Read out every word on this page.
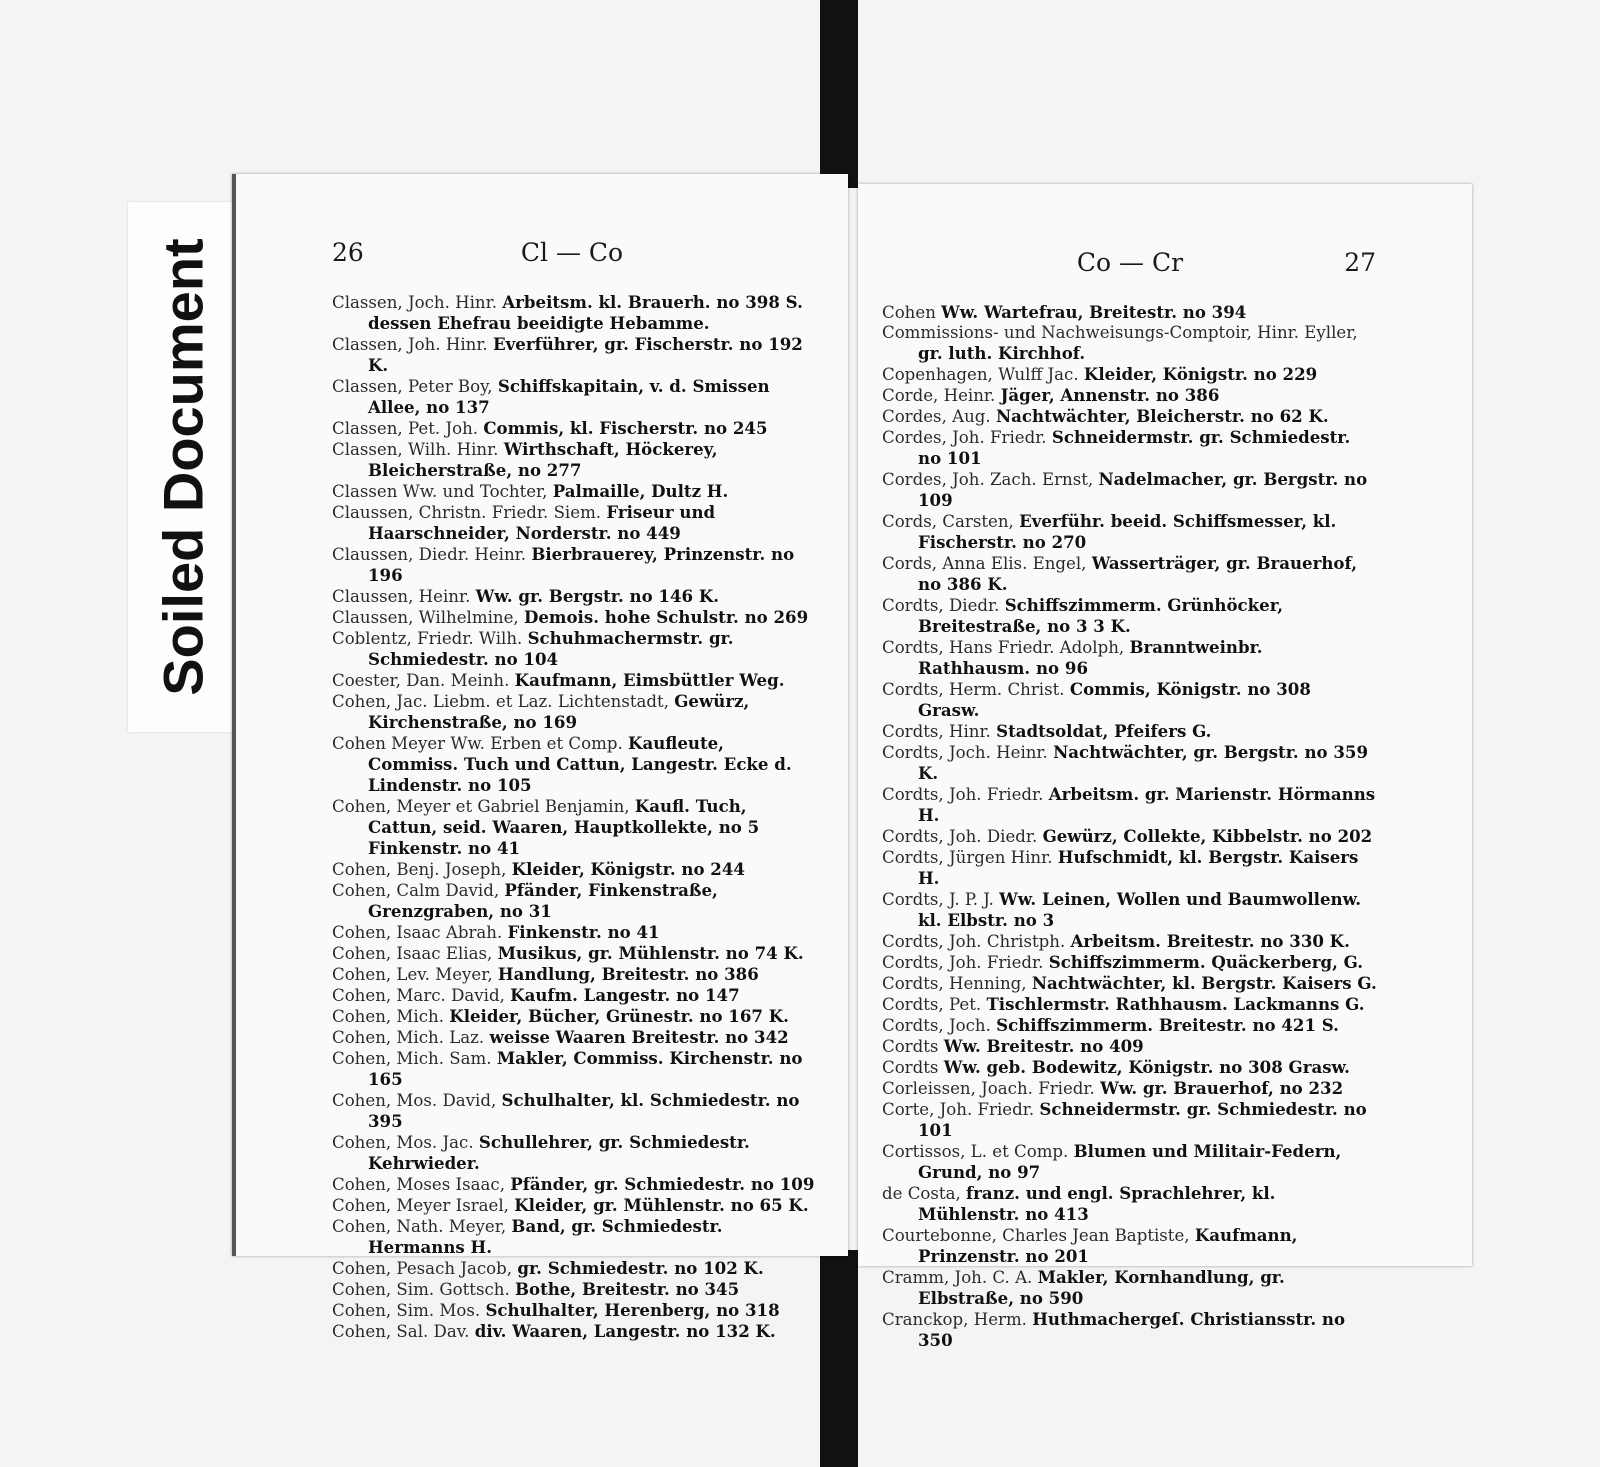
Soiled Document	26	Cl — Co
Classen, Joch. Hinr. Arbeitsm. kl. Brauerh. no 398 S. dessen Ehefrau beeidigte Hebamme.
Classen, Joh. Hinr. Everführer, gr. Fischerstr. no 192 K.
Classen, Peter Boy, Schiffskapitain, v. d. Smissen Allee, no 137
Classen, Pet. Joh. Commis, kl. Fischerstr. no 245
Classen, Wilh. Hinr. Wirthschaft, Höckerey, Bleicherstraße, no 277
Classen Ww. und Tochter, Palmaille, Dultz H.
Claussen, Christn. Friedr. Siem. Friseur und Haarschneider, Norderstr. no 449
Claussen, Diedr. Heinr. Bierbrauerey, Prinzenstr. no 196
Claussen, Heinr. Ww. gr. Bergstr. no 146 K.
Claussen, Wilhelmine, Demois. hohe Schulstr. no 269
Coblentz, Friedr. Wilh. Schuhmachermstr. gr. Schmiedestr. no 104
Coester, Dan. Meinh. Kaufmann, Eimsbüttler Weg.
Cohen, Jac. Liebm. et Laz. Lichtenstadt, Gewürz, Kirchenstraße, no 169
Cohen Meyer Ww. Erben et Comp. Kaufleute, Commiss. Tuch und Cattun, Langestr. Ecke d. Lindenstr. no 105
Cohen, Meyer et Gabriel Benjamin, Kaufl. Tuch, Cattun, seid. Waaren, Hauptkollekte, no 5 Finkenstr. no 41
Cohen, Benj. Joseph, Kleider, Königstr. no 244
Cohen, Calm David, Pfänder, Finkenstraße, Grenzgraben, no 31
Cohen, Isaac Abrah. Finkenstr. no 41
Cohen, Isaac Elias, Musikus, gr. Mühlenstr. no 74 K.
Cohen, Lev. Meyer, Handlung, Breitestr. no 386
Cohen, Marc. David, Kaufm. Langestr. no 147
Cohen, Mich. Kleider, Bücher, Grünestr. no 167 K.
Cohen, Mich. Laz. weisse Waaren Breitestr. no 342
Cohen, Mich. Sam. Makler, Commiss. Kirchenstr. no 165
Cohen, Mos. David, Schulhalter, kl. Schmiedestr. no 395
Cohen, Mos. Jac. Schullehrer, gr. Schmiedestr. Kehrwieder.
Cohen, Moses Isaac, Pfänder, gr. Schmiedestr. no 109
Cohen, Meyer Israel, Kleider, gr. Mühlenstr. no 65 K.
Cohen, Nath. Meyer, Band, gr. Schmiedestr. Hermanns H.
Cohen, Pesach Jacob, gr. Schmiedestr. no 102 K.
Cohen, Sim. Gottsch. Bothe, Breitestr. no 345
Cohen, Sim. Mos. Schulhalter, Herenberg, no 318
Cohen, Sal. Dav. div. Waaren, Langestr. no 132 K.
Co — Cr	27
Cohen Ww. Wartefrau, Breitestr. no 394
Commissions- und Nachweisungs-Comptoir, Hinr. Eyller, gr. luth. Kirchhof.
Copenhagen, Wulff Jac. Kleider, Königstr. no 229
Corde, Heinr. Jäger, Annenstr. no 386
Cordes, Aug. Nachtwächter, Bleicherstr. no 62 K.
Cordes, Joh. Friedr. Schneidermstr. gr. Schmiedestr. no 101
Cordes, Joh. Zach. Ernst, Nadelmacher, gr. Bergstr. no 109
Cords, Carsten, Everführ. beeid. Schiffsmesser, kl. Fischerstr. no 270
Cords, Anna Elis. Engel, Wasserträger, gr. Brauerhof, no 386 K.
Cordts, Diedr. Schiffszimmerm. Grünhöcker, Breitestraße, no 3 3 K.
Cordts, Hans Friedr. Adolph, Branntweinbr. Rathhausm. no 96
Cordts, Herm. Christ. Commis, Königstr. no 308 Grasw.
Cordts, Hinr. Stadtsoldat, Pfeifers G.
Cordts, Joch. Heinr. Nachtwächter, gr. Bergstr. no 359 K.
Cordts, Joh. Friedr. Arbeitsm. gr. Marienstr. Hörmanns H.
Cordts, Joh. Diedr. Gewürz, Collekte, Kibbelstr. no 202
Cordts, Jürgen Hinr. Hufschmidt, kl. Bergstr. Kaisers H.
Cordts, J. P. J. Ww. Leinen, Wollen und Baumwollenw. kl. Elbstr. no 3
Cordts, Joh. Christph. Arbeitsm. Breitestr. no 330 K.
Cordts, Joh. Friedr. Schiffszimmerm. Quäckerberg, G.
Cordts, Henning, Nachtwächter, kl. Bergstr. Kaisers G.
Cordts, Pet. Tischlermstr. Rathhausm. Lackmanns G.
Cordts, Joch. Schiffszimmerm. Breitestr. no 421 S.
Cordts Ww. Breitestr. no 409
Cordts Ww. geb. Bodewitz, Königstr. no 308 Grasw.
Corleissen, Joach. Friedr. Ww. gr. Brauerhof, no 232
Corte, Joh. Friedr. Schneidermstr. gr. Schmiedestr. no 101
Cortissos, L. et Comp. Blumen und Militair-Federn, Grund, no 97
de Costa, franz. und engl. Sprachlehrer, kl. Mühlenstr. no 413
Courtebonne, Charles Jean Baptiste, Kaufmann, Prinzenstr. no 201
Cramm, Joh. C. A. Makler, Kornhandlung, gr. Elbstraße, no 590
Cranckop, Herm. Huthmachergeſ. Christiansstr. no 350
